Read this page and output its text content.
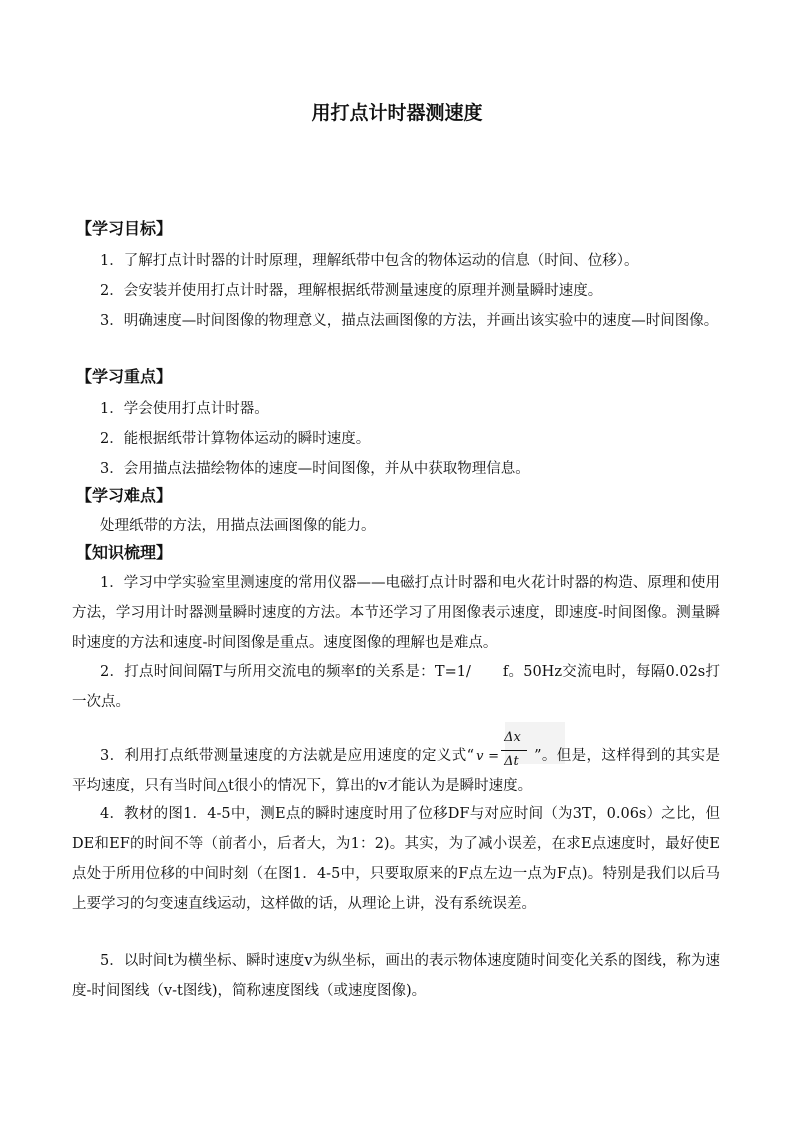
用打点计时器测速度
【学习目标】
1．了解打点计时器的计时原理，理解纸带中包含的物体运动的信息（时间、位移）。
2．会安装并使用打点计时器，理解根据纸带测量速度的原理并测量瞬时速度。
3．明确速度—时间图像的物理意义，描点法画图像的方法，并画出该实验中的速度—时间图像。
【学习重点】
1．学会使用打点计时器。
2．能根据纸带计算物体运动的瞬时速度。
3．会用描点法描绘物体的速度—时间图像，并从中获取物理信息。
【学习难点】
处理纸带的方法，用描点法画图像的能力。
【知识梳理】
1．学习中学实验室里测速度的常用仪器——电磁打点计时器和电火花计时器的构造、原理和使用方法，学习用计时器测量瞬时速度的方法。本节还学习了用图像表示速度，即速度-时间图像。测量瞬时速度的方法和速度-时间图像是重点。速度图像的理解也是难点。
2．打点时间间隔T与所用交流电的频率f的关系是：T=1/ f。50Hz交流电时，每隔0.02s打一次点。
3．利用打点纸带测量速度的方法就是应用速度的定义式“ v =
Δx
Δt ”。但是，这样得到的其实是平均速度，只有当时间△t很小的情况下，算出的v才能认为是瞬时速度。
4．教材的图1．4-5中，测E点的瞬时速度时用了位移DF与对应时间（为3T，0.06s）之比，但DE和EF的时间不等（前者小，后者大，为1：2)。其实，为了减小误差，在求E点速度时，最好使E点处于所用位移的中间时刻（在图1．4-5中，只要取原来的F点左边一点为F点)。特别是我们以后马上要学习的匀变速直线运动，这样做的话，从理论上讲，没有系统误差。
5．以时间t为横坐标、瞬时速度v为纵坐标，画出的表示物体速度随时间变化关系的图线，称为速度-时间图线（v-t图线)，简称速度图线（或速度图像)。
